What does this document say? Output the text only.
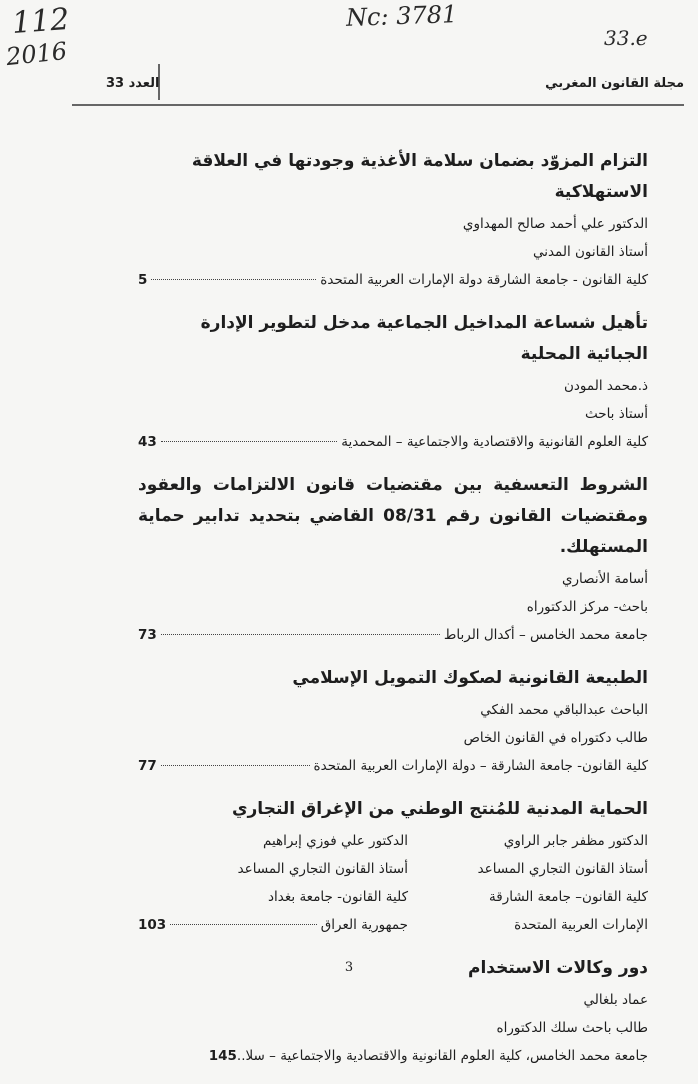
112
2016
Nc: 3781
33.e
مجلة القانون المغربي
العدد 33
التزام المزوّد بضمان سلامة الأغذية وجودتها في العلاقة الاستهلاكية
الدكتور علي أحمد صالح المهداوي
أستاذ القانون المدني
كلية القانون - جامعة الشارقة دولة الإمارات العربية المتحدة
5
تأهيل شساعة المداخيل الجماعية مدخل لتطوير الإدارة الجبائية المحلية
ذ.محمد المودن
أستاذ باحث
كلية العلوم القانونية والاقتصادية والاجتماعية – المحمدية
43
الشروط التعسفية بين مقتضيات قانون الالتزامات والعقود ومقتضيات القانون رقم 08/31 القاضي بتحديد تدابير حماية المستهلك.
أسامة الأنصاري
باحث- مركز الدكتوراه
جامعة محمد الخامس – أكدال الرباط
73
الطبيعة القانونية لصكوك التمويل الإسلامي
الباحث عبدالباقي محمد الفكي
طالب دكتوراه في القانون الخاص
كلية القانون- جامعة الشارقة – دولة الإمارات العربية المتحدة
77
الحماية المدنية للمُنتج الوطني من الإغراق التجاري
الدكتور مظفر جابر الراوي
الدكتور علي فوزي إبراهيم
أستاذ القانون التجاري المساعد
أستاذ القانون التجاري المساعد
كلية القانون– جامعة الشارقة
كلية القانون- جامعة بغداد
الإمارات العربية المتحدة
جمهورية العراق
103
دور وكالات الاستخدام
عماد بلغالي
طالب باحث سلك الدكتوراه
جامعة محمد الخامس، كلية العلوم القانونية والاقتصادية والاجتماعية – سلا..
145
3
